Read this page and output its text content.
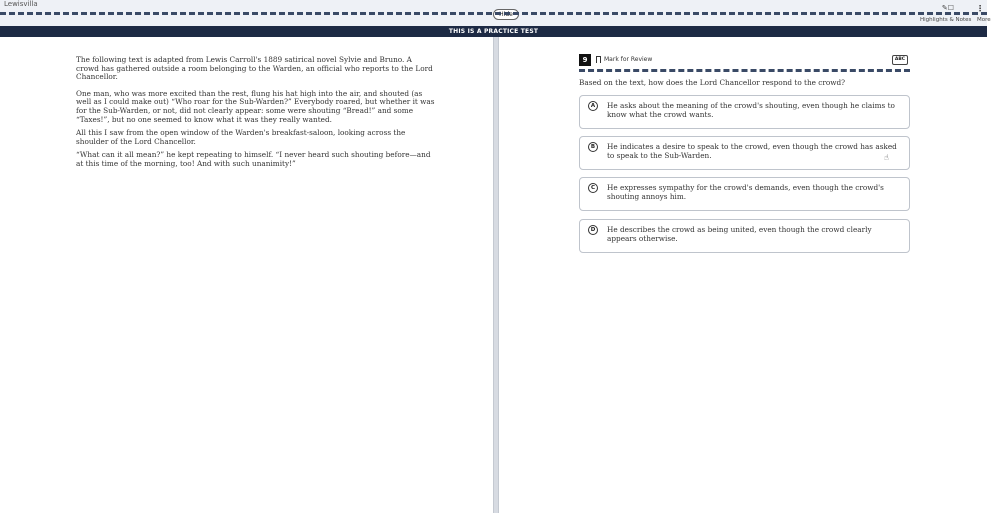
Lewisvilla
Hide
✎☐	⋮
Highlights & Notes More
THIS IS A PRACTICE TEST

The following text is adapted from Lewis Carroll's 1889 satirical novel Sylvie and Bruno. A crowd has gathered outside a room belonging to the Warden, an official who reports to the Lord Chancellor.

One man, who was more excited than the rest, flung his hat high into the air, and shouted (as well as I could make out) “Who roar for the Sub-Warden?” Everybody roared, but whether it was for the Sub-Warden, or not, did not clearly appear: some were shouting “Bread!” and some “Taxes!”, but no one seemed to know what it was they really wanted.

All this I saw from the open window of the Warden's breakfast-saloon, looking across the shoulder of the Lord Chancellor.

“What can it all mean?” he kept repeating to himself. “I never heard such shouting before—and at this time of the morning, too! And with such unanimity!”

9	Mark for Review	ABC
Based on the text, how does the Lord Chancellor respond to the crowd?
A	He asks about the meaning of the crowd's shouting, even though he claims to know what the crowd wants.
B	He indicates a desire to speak to the crowd, even though the crowd has asked to speak to the Sub-Warden.
C	He expresses sympathy for the crowd's demands, even though the crowd's shouting annoys him.
D	He describes the crowd as being united, even though the crowd clearly appears otherwise.
☝
